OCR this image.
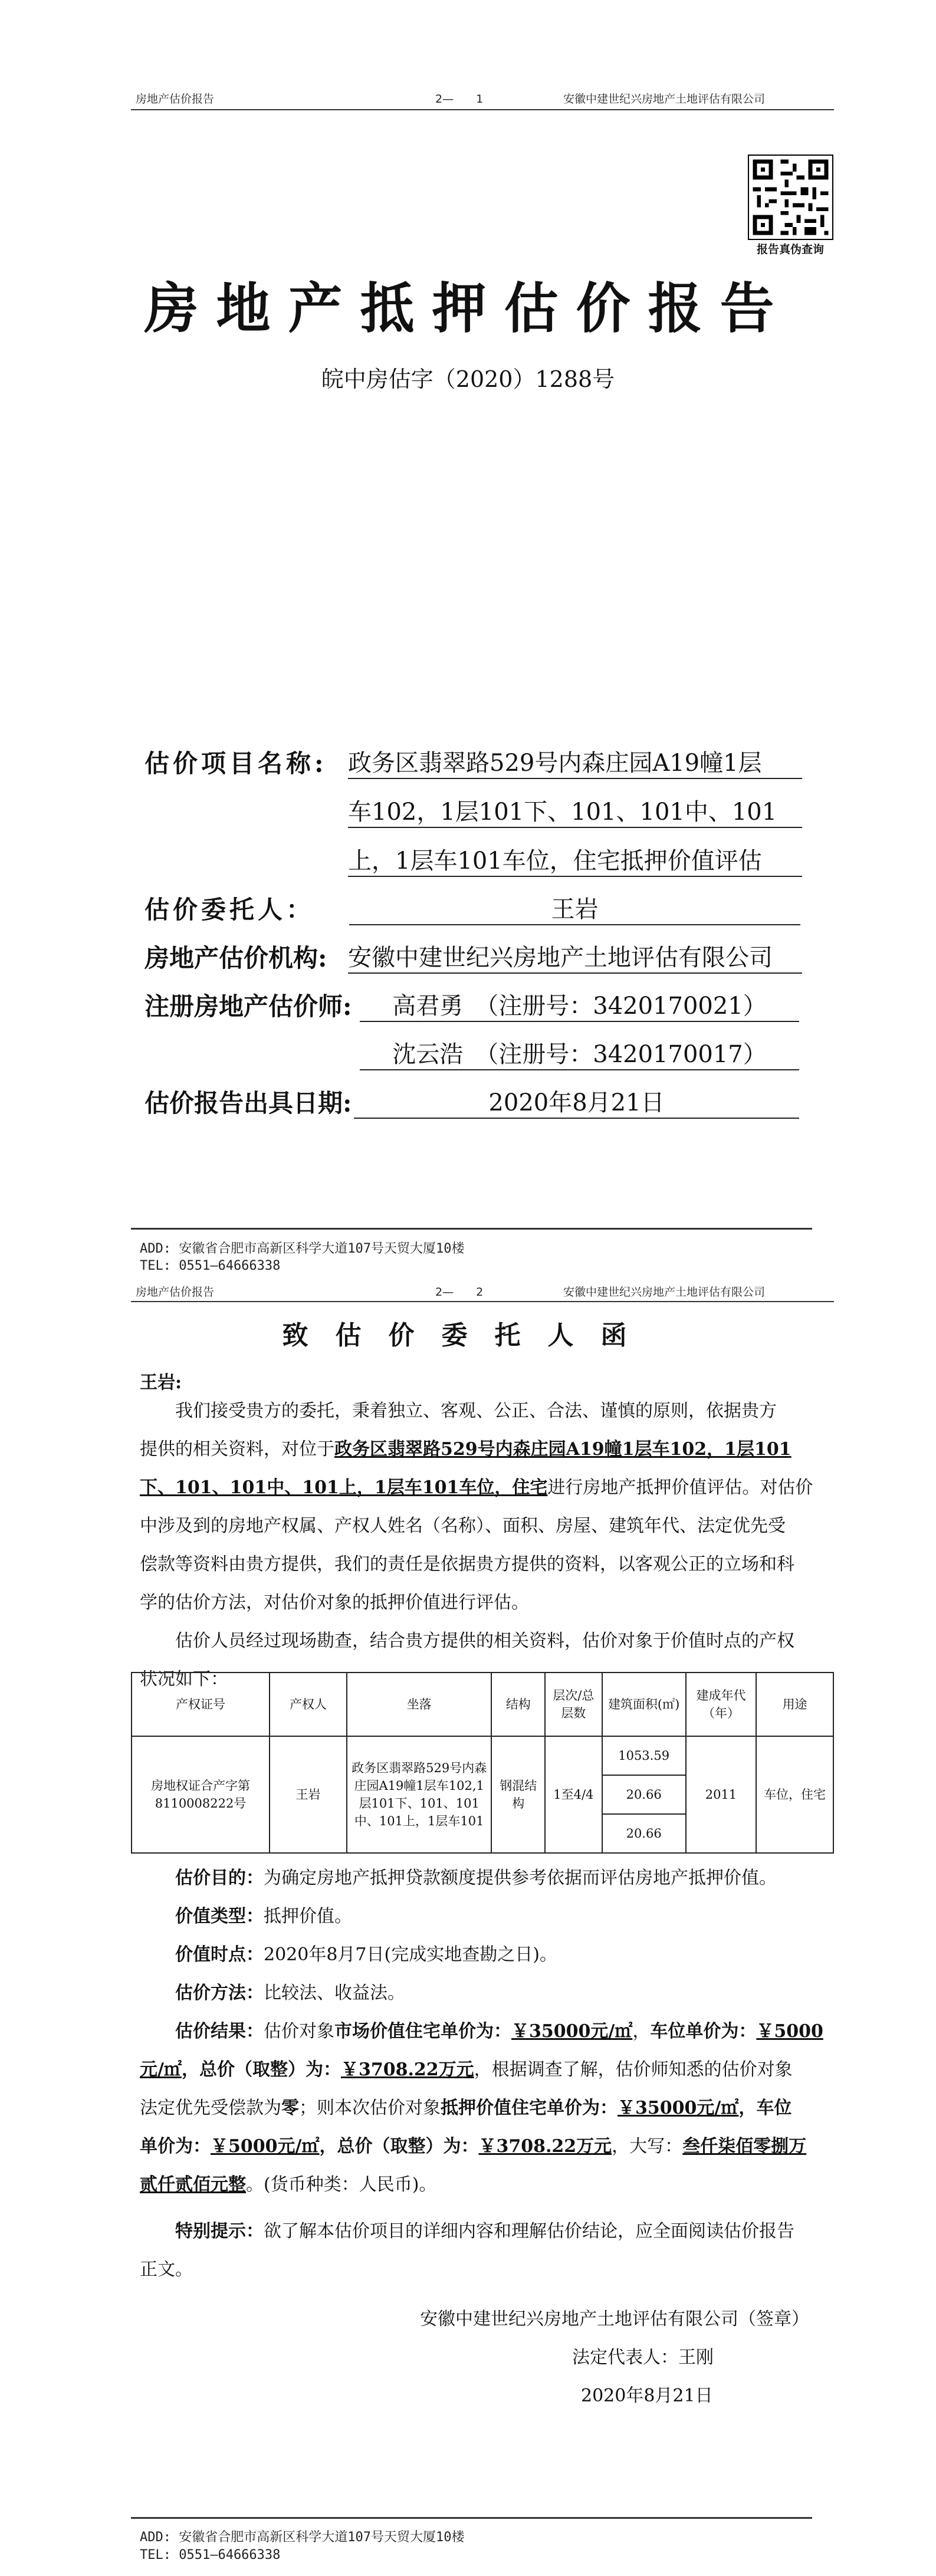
房地产估价报告	2—　　1	安徽中建世纪兴房地产土地评估有限公司
报告真伪查询
房地产抵押估价报告
皖中房估字（2020）1288号
估价项目名称: 政务区翡翠路529号内森庄园A19幢1层
车102，1层101下、101、101中、101
上，1层车101车位，住宅抵押价值评估
估价委托人：	王岩
房地产估价机构: 安徽中建世纪兴房地产土地评估有限公司
注册房地产估价师:	高君勇　（注册号：3420170021）
沈云浩　（注册号：3420170017）
估价报告出具日期:	2020年8月21日
ADD: 安徽省合肥市高新区科学大道107号天贸大厦10楼
TEL: 0551—64666338
房地产估价报告	2—　　2	安徽中建世纪兴房地产土地评估有限公司
致估价委托人函
王岩:
我们接受贵方的委托，秉着独立、客观、公正、合法、谨慎的原则，依据贵方
提供的相关资料，对位于政务区翡翠路529号内森庄园A19幢1层车102，1层101
下、101、101中、101上，1层车101车位，住宅进行房地产抵押价值评估。对估价
中涉及到的房地产权属、产权人姓名（名称）、面积、房屋、建筑年代、法定优先受
偿款等资料由贵方提供，我们的责任是依据贵方提供的资料，以客观公正的立场和科
学的估价方法，对估价对象的抵押价值进行评估。
估价人员经过现场勘查，结合贵方提供的相关资料，估价对象于价值时点的产权
状况如下：
产权证号	产权人	坐落	结构	层次/总层数	建筑面积(㎡)	建成年代（年）	用途
房地权证合产字第8110008222号	王岩	政务区翡翠路529号内森庄园A19幢1层车102,1层101下、101、101中、101上，1层车101	钢混结构	1至4/4	1053.59	2011	车位，住宅
					20.66		
					20.66		
估价目的：为确定房地产抵押贷款额度提供参考依据而评估房地产抵押价值。
价值类型：抵押价值。
价值时点：2020年8月7日(完成实地查勘之日)。
估价方法：比较法、收益法。
估价结果：估价对象市场价值住宅单价为：￥35000元/㎡，车位单价为：￥5000
元/㎡，总价（取整）为：￥3708.22万元，根据调查了解，估价师知悉的估价对象
法定优先受偿款为零；则本次估价对象抵押价值住宅单价为：￥35000元/㎡，车位
单价为：￥5000元/㎡，总价（取整）为：￥3708.22万元，大写：叁仟柒佰零捌万
贰仟贰佰元整。(货币种类：人民币)。
特别提示：欲了解本估价项目的详细内容和理解估价结论，应全面阅读估价报告
正文。
安徽中建世纪兴房地产土地评估有限公司（签章）
法定代表人：王刚
2020年8月21日
ADD: 安徽省合肥市高新区科学大道107号天贸大厦10楼
TEL: 0551—64666338
